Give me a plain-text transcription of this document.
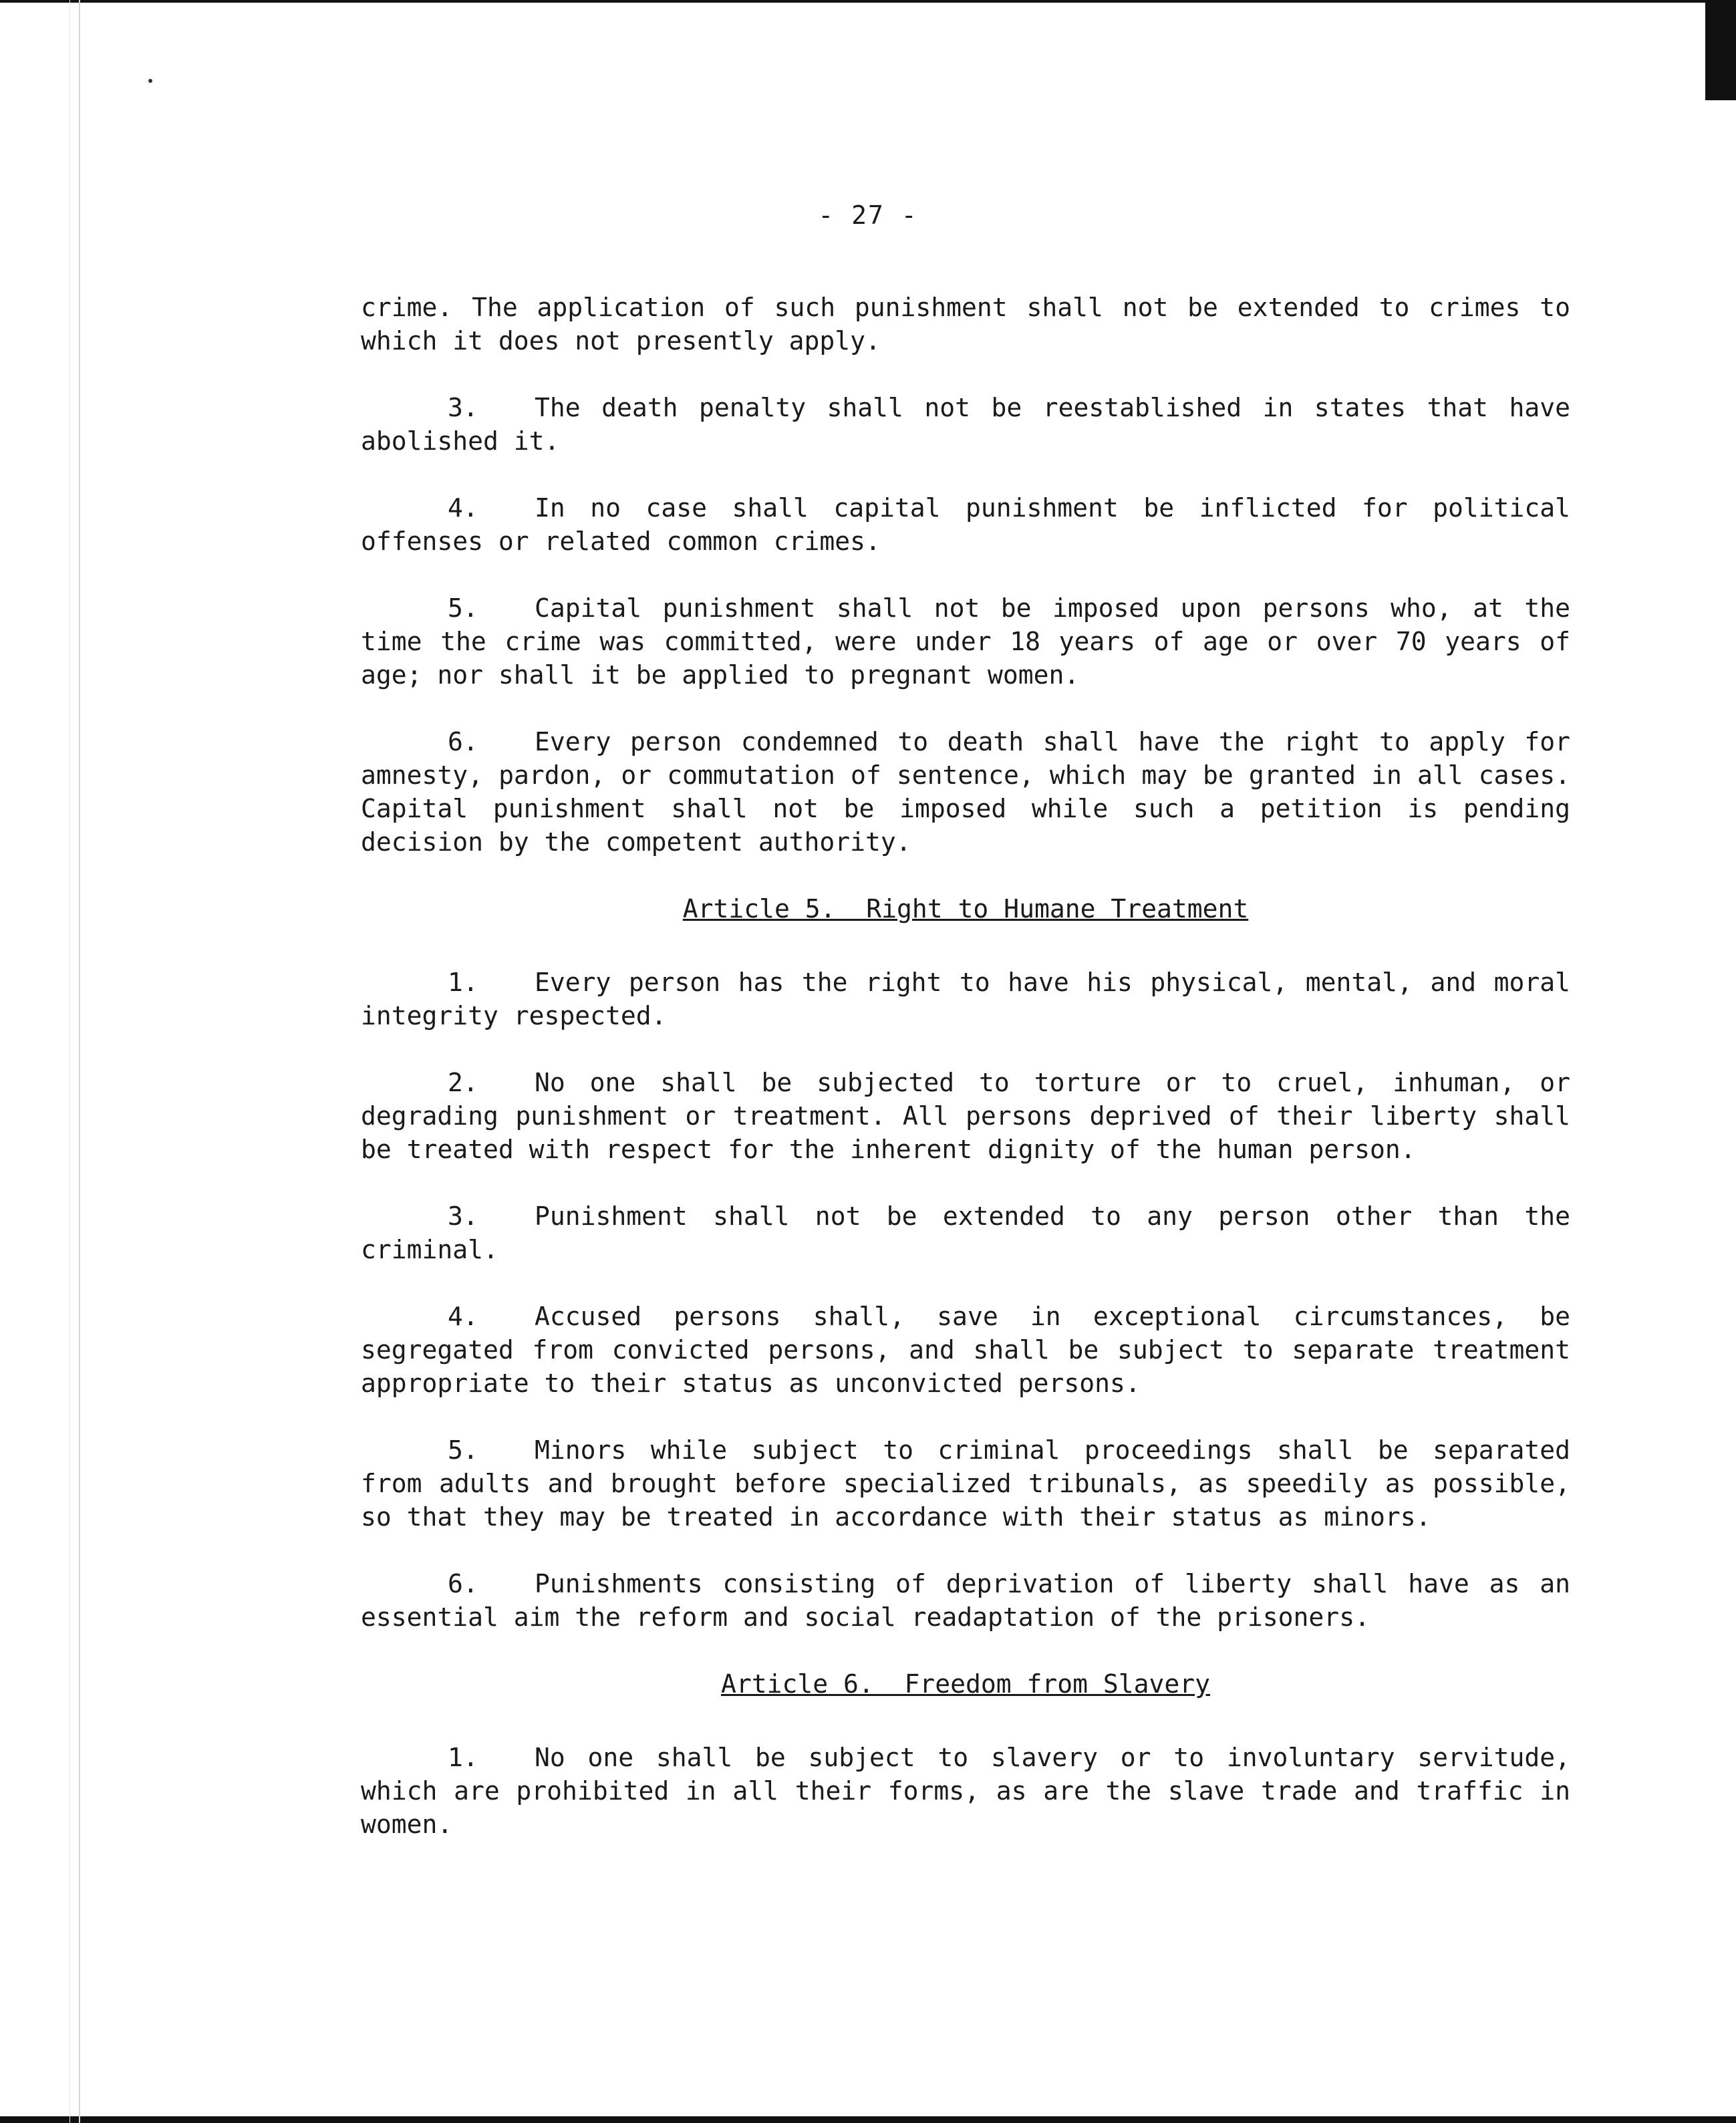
- 27 -

crime. The application of such punishment shall not be extended to crimes to which it does not presently apply.

3. The death penalty shall not be reestablished in states that have abolished it.

4. In no case shall capital punishment be inflicted for political offenses or related common crimes.

5. Capital punishment shall not be imposed upon persons who, at the time the crime was committed, were under 18 years of age or over 70 years of age; nor shall it be applied to pregnant women.

6. Every person condemned to death shall have the right to apply for amnesty, pardon, or commutation of sentence, which may be granted in all cases. Capital punishment shall not be imposed while such a petition is pending decision by the competent authority.

Article 5.  Right to Humane Treatment

1. Every person has the right to have his physical, mental, and moral integrity respected.

2. No one shall be subjected to torture or to cruel, inhuman, or degrading punishment or treatment. All persons deprived of their liberty shall be treated with respect for the inherent dignity of the human person.

3. Punishment shall not be extended to any person other than the criminal.

4. Accused persons shall, save in exceptional circumstances, be segregated from convicted persons, and shall be subject to separate treatment appropriate to their status as unconvicted persons.

5. Minors while subject to criminal proceedings shall be separated from adults and brought before specialized tribunals, as speedily as possible, so that they may be treated in accordance with their status as minors.

6. Punishments consisting of deprivation of liberty shall have as an essential aim the reform and social readaptation of the prisoners.

Article 6.  Freedom from Slavery

1. No one shall be subject to slavery or to involuntary servitude, which are prohibited in all their forms, as are the slave trade and traffic in women.
